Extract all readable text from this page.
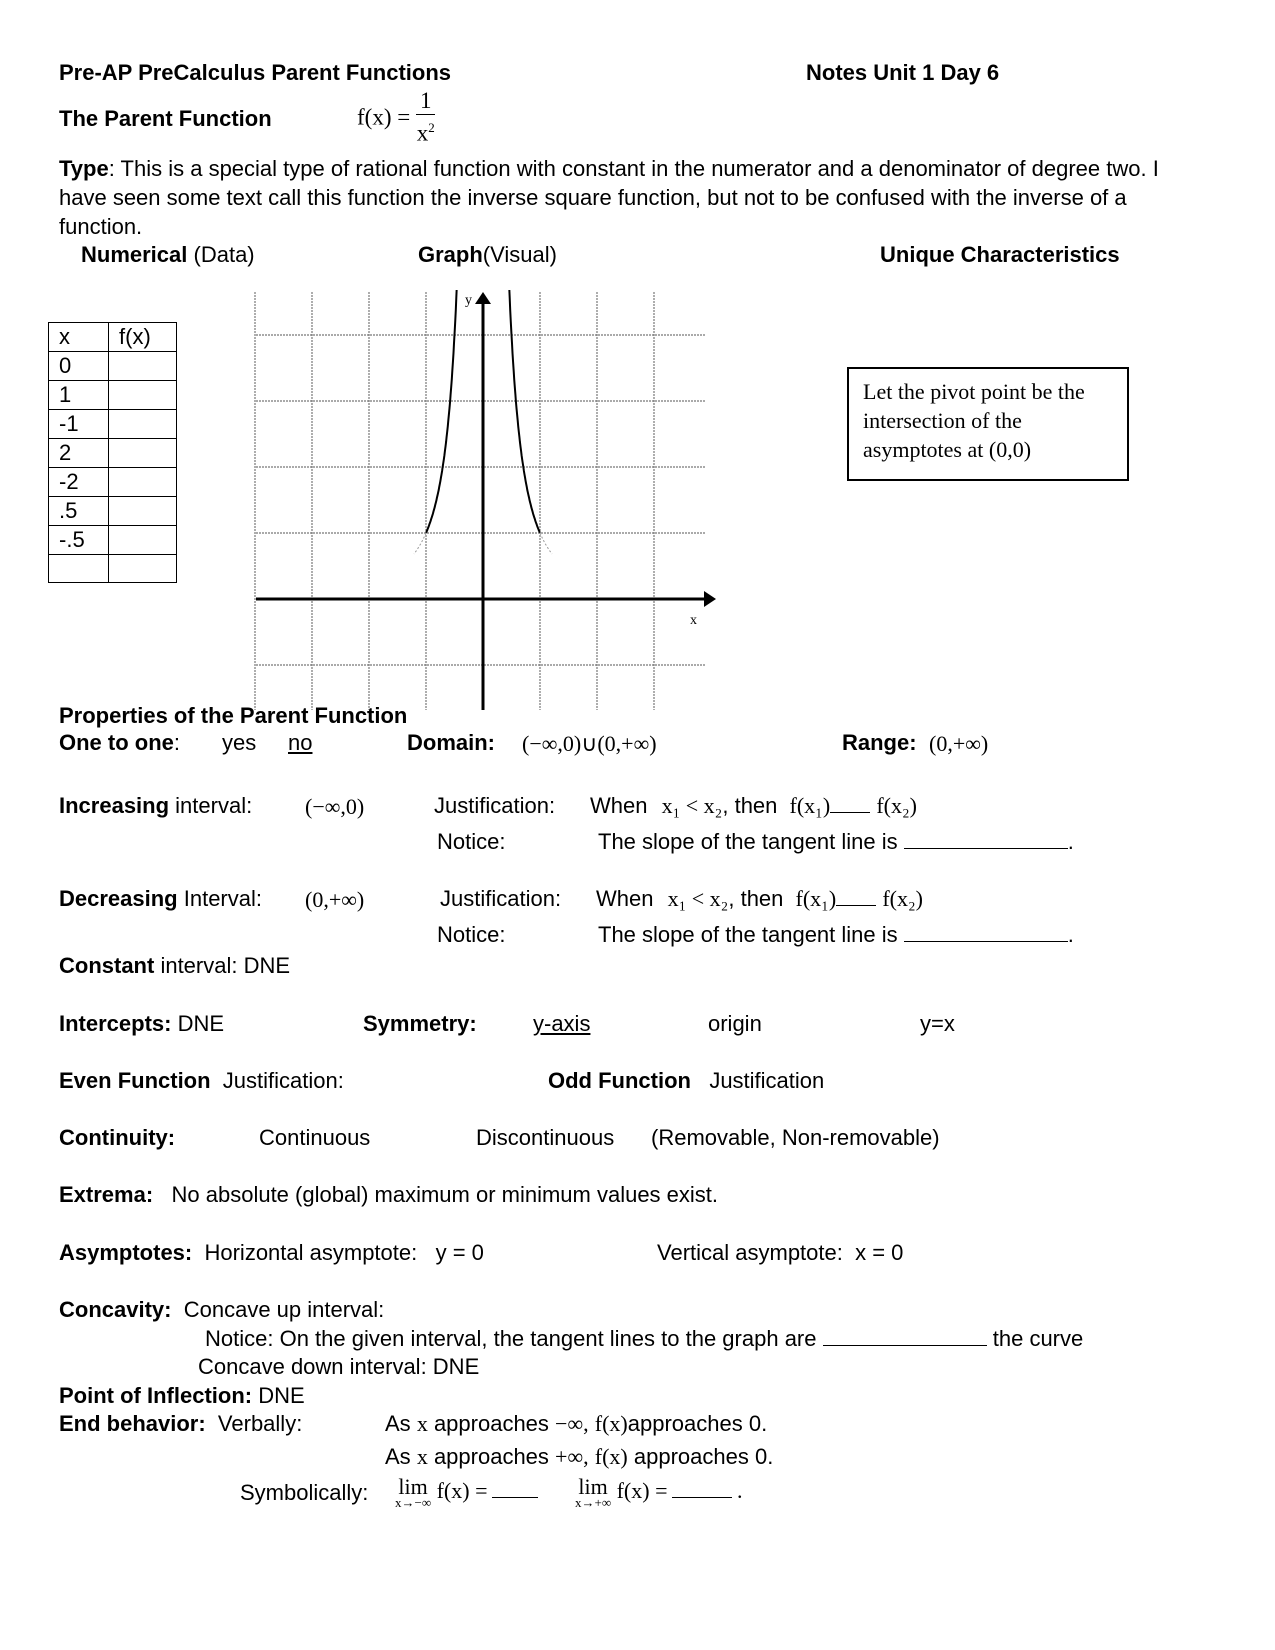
Pre-AP PreCalculus Parent Functions	Notes Unit 1 Day 6
The Parent Function	$f(x) = \frac{1}{x^2}$
Type: This is a special type of rational function with constant in the numerator and a denominator of degree two. I have seen some text call this function the inverse square function, but not to be confused with the inverse of a function.
Numerical (Data)	Graph(Visual)	Unique Characteristics
x	f(x)
0	
1	
-1	
2	
-2	
.5	
-.5	

x
y
Let the pivot point be the intersection of the asymptotes at (0,0)
Properties of the Parent Function
One to one: yes no	Domain: (−∞,0)∪(0,+∞)	Range: (0,+∞)
Increasing interval: (−∞,0)	Justification: When x₁ < x₂, then f(x₁) f(x₂)
Notice:	The slope of the tangent line is	.
Decreasing Interval: (0,+∞)	Justification: When x₁ < x₂, then f(x₁) f(x₂)
Notice:	The slope of the tangent line is	.
Constant interval: DNE
Intercepts: DNE	Symmetry:	y-axis	origin	y=x
Even Function Justification:	Odd Function Justification
Continuity:	Continuous	Discontinuous (Removable, Non-removable)
Extrema: No absolute (global) maximum or minimum values exist.
Asymptotes: Horizontal asymptote:   y = 0	Vertical asymptote:  x = 0
Concavity: Concave up interval:
Notice: On the given interval, the tangent lines to the graph are	the curve
Concave down interval: DNE
Point of Inflection: DNE
End behavior: Verbally:	As x approaches −∞, f(x)approaches 0.
As x approaches +∞, f(x) approaches 0.
Symbolically: lim
x→−∞ f(x) =	lim
x→+∞ f(x) =	.
